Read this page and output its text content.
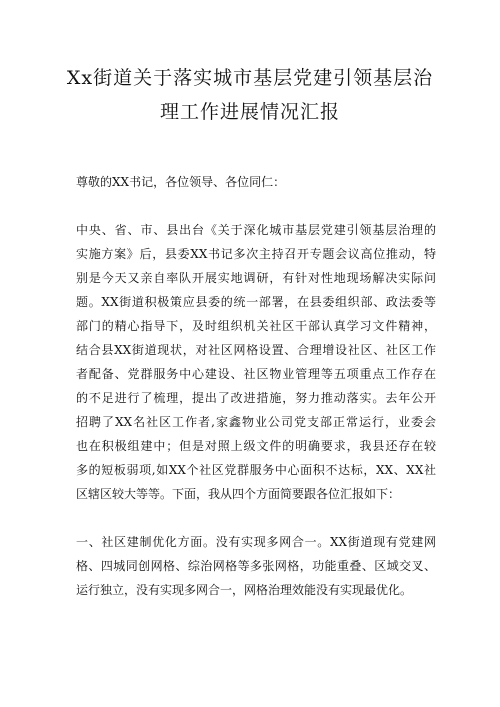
Xx街道关于落实城市基层党建引领基层治
理工作进展情况汇报

尊敬的XX书记，各位领导、各位同仁：

中央、省、市、县出台《关于深化城市基层党建引领基层治理的

实施方案》后，县委XX书记多次主持召开专题会议高位推动，特

别是今天又亲自率队开展实地调研，有针对性地现场解决实际问

题。XX街道积极策应县委的统一部署，在县委组织部、政法委等

部门的精心指导下，及时组织机关社区干部认真学习文件精神，

结合县XX街道现状，对社区网格设置、合理增设社区、社区工作

者配备、党群服务中心建设、社区物业管理等五项重点工作存在

的不足进行了梳理，提出了改进措施，努力推动落实。去年公开

招聘了XX名社区工作者,家鑫物业公司党支部正常运行，业委会

也在积极组建中；但是对照上级文件的明确要求，我县还存在较

多的短板弱项,如XX个社区党群服务中心面积不达标，XX、XX社

区辖区较大等等。下面，我从四个方面简要跟各位汇报如下：

一、社区建制优化方面。没有实现多网合一。XX街道现有党建网

格、四城同创网格、综治网格等多张网格，功能重叠、区域交叉、

运行独立，没有实现多网合一，网格治理效能没有实现最优化。
